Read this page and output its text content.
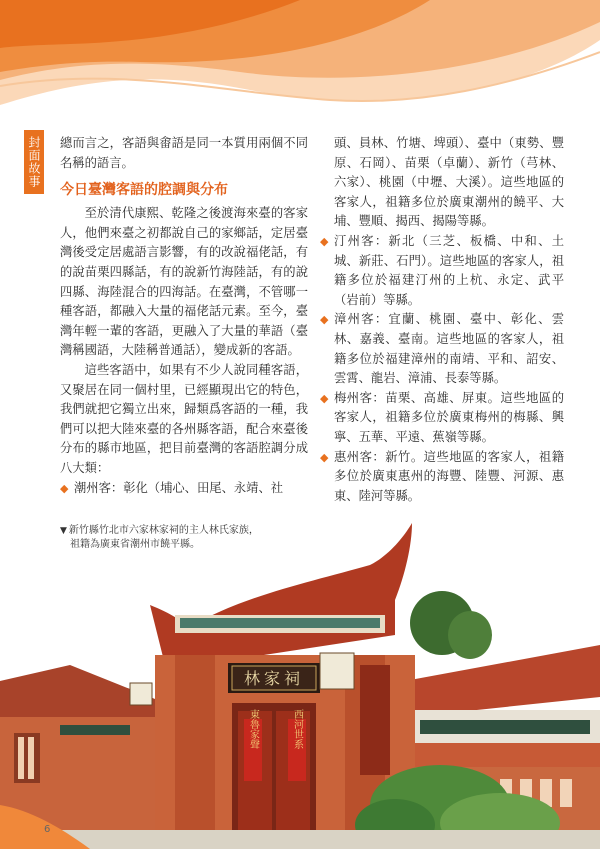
封面故事 總而言之，客語與畬語是同一本質用兩個不同名稱的語言。

今日臺灣客語的腔調與分布

至於清代康熙、乾隆之後渡海來臺的客家人，他們來臺之初都說自己的家鄉話，定居臺灣後受定居處語言影響，有的改說福佬話，有的說苗栗四縣話，有的說新竹海陸話，有的說四縣、海陸混合的四海話。在臺灣，不管哪一種客語，都融入大量的福佬話元素。至今，臺灣年輕一輩的客語，更融入了大量的華語（臺灣稱國語，大陸稱普通話），變成新的客語。

這些客語中，如果有不少人說同種客語，又聚居在同一個村里，已經顯現出它的特色，我們就把它獨立出來，歸類爲客語的一種，我們可以把大陸來臺的各州縣客語，配合來臺後分布的縣市地區，把目前臺灣的客語腔調分成八大類：

◆ 潮州客：彰化（埔心、田尾、永靖、社
頭、員林、竹塘、埤頭）、臺中（東勢、豐原、石岡）、苗栗（卓蘭）、新竹（芎林、六家）、桃園（中壢、大溪）。這些地區的客家人，祖籍多位於廣東潮州的饒平、大埔、豐順、揭西、揭陽等縣。
◆ 汀州客：新北（三芝、板橋、中和、土城、新莊、石門）。這些地區的客家人，祖籍多位於福建汀州的上杭、永定、武平（岩前）等縣。
◆ 漳州客：宜蘭、桃園、臺中、彰化、雲林、嘉義、臺南。這些地區的客家人，祖籍多位於福建漳州的南靖、平和、詔安、雲霄、龍岩、漳浦、長泰等縣。
◆ 梅州客：苗栗、高雄、屏東。這些地區的客家人，祖籍多位於廣東梅州的梅縣、興寧、五華、平遠、蕉嶺等縣。
◆ 惠州客：新竹。這些地區的客家人，祖籍多位於廣東惠州的海豐、陸豐、河源、惠東、陸河等縣。
林家祠
東魯家聲	西河世系
▼ 新竹縣竹北市六家林家祠的主人林氏家族，
祖籍為廣東省潮州市饒平縣。
6
